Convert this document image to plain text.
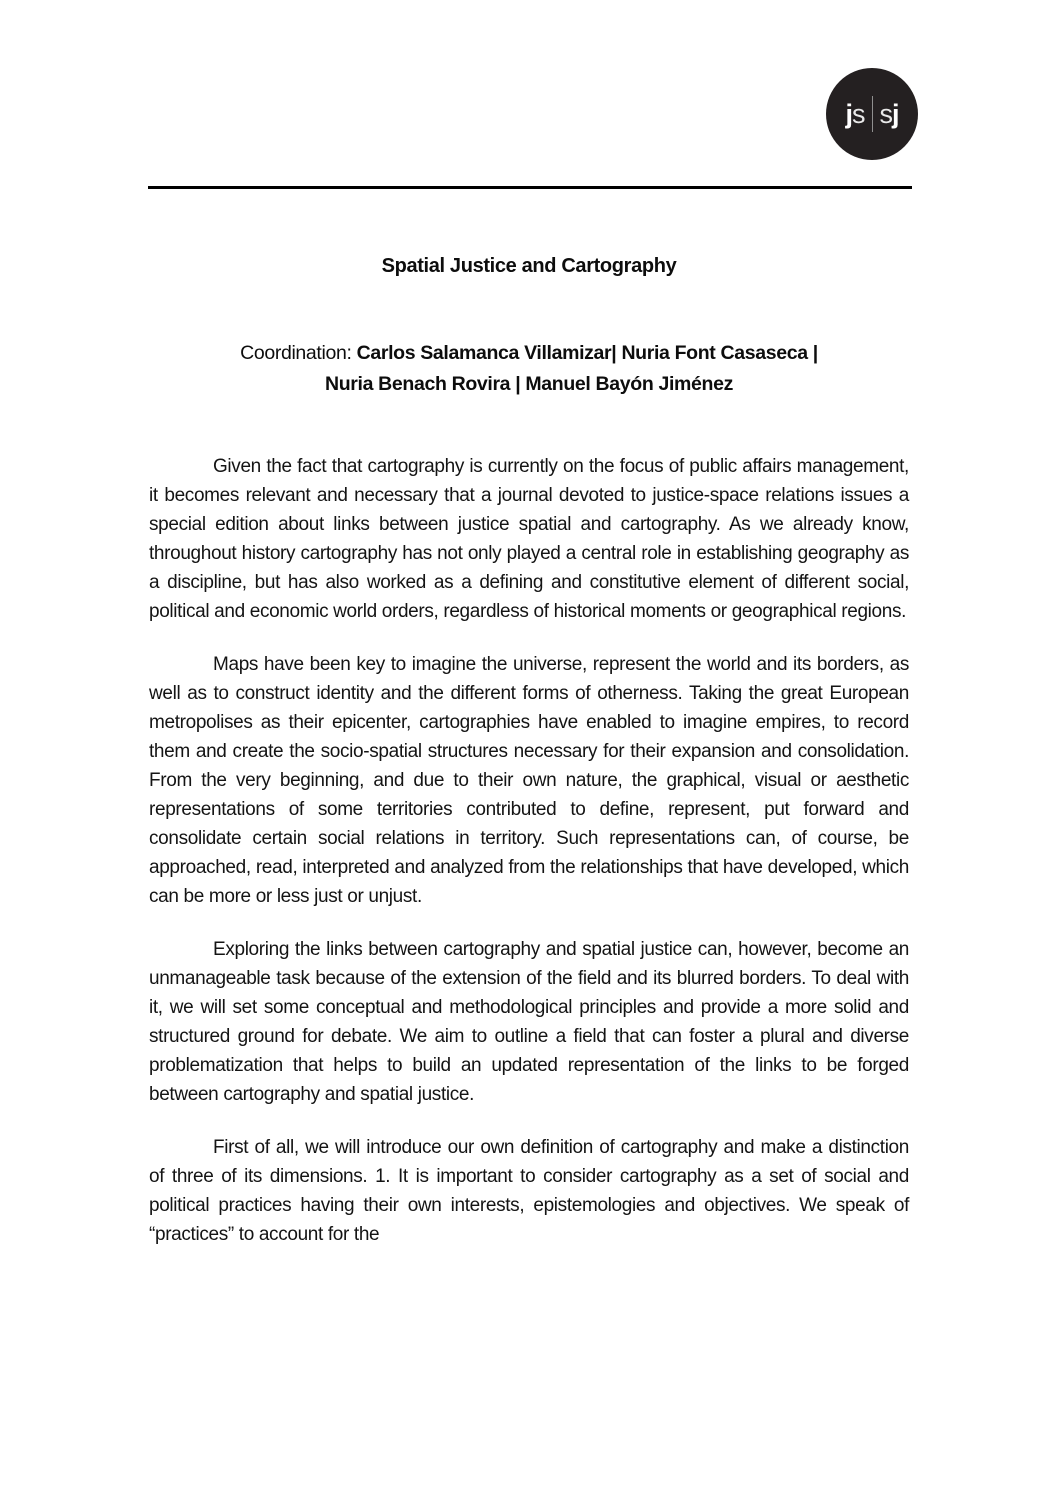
js sj
Spatial Justice and Cartography
Coordination: Carlos Salamanca Villamizar| Nuria Font Casaseca |
Nuria Benach Rovira | Manuel Bayón Jiménez

Given the fact that cartography is currently on the focus of public affairs management, it becomes relevant and necessary that a journal devoted to justice-space relations issues a special edition about links between justice spatial and cartography. As we already know, throughout history cartography has not only played a central role in establishing geography as a discipline, but has also worked as a defining and constitutive element of different social, political and economic world orders, regardless of historical moments or geographical regions.

Maps have been key to imagine the universe, represent the world and its borders, as well as to construct identity and the different forms of otherness. Taking the great European metropolises as their epicenter, cartographies have enabled to imagine empires, to record them and create the socio-spatial structures necessary for their expansion and consolidation. From the very beginning, and due to their own nature, the graphical, visual or aesthetic representations of some territories contributed to define, represent, put forward and consolidate certain social relations in territory. Such representations can, of course, be approached, read, interpreted and analyzed from the relationships that have developed, which can be more or less just or unjust.

Exploring the links between cartography and spatial justice can, however, become an unmanageable task because of the extension of the field and its blurred borders. To deal with it, we will set some conceptual and methodological principles and provide a more solid and structured ground for debate. We aim to outline a field that can foster a plural and diverse problematization that helps to build an updated representation of the links to be forged between cartography and spatial justice.

First of all, we will introduce our own definition of cartography and make a distinction of three of its dimensions. 1. It is important to consider cartography as a set of social and political practices having their own interests, epistemologies and objectives. We speak of “practices” to account for the
